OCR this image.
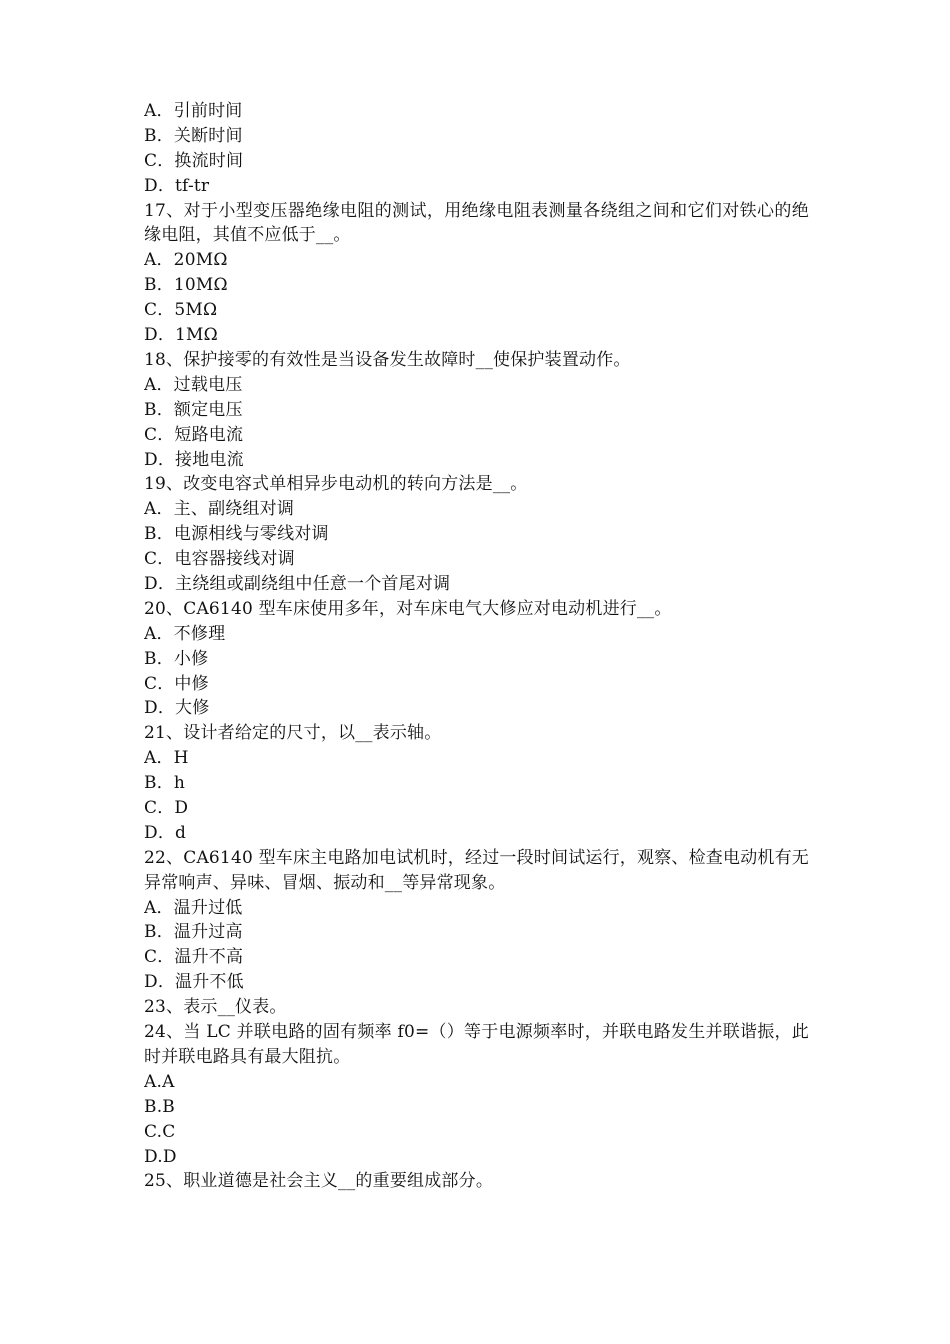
A．引前时间
B．关断时间
C．换流时间
D．tf-tr
17、对于小型变压器绝缘电阻的测试，用绝缘电阻表测量各绕组之间和它们对铁心的绝缘电阻，其值不应低于__。
A．20MΩ
B．10MΩ
C．5MΩ
D．1MΩ
18、保护接零的有效性是当设备发生故障时__使保护装置动作。
A．过载电压
B．额定电压
C．短路电流
D．接地电流
19、改变电容式单相异步电动机的转向方法是__。
A．主、副绕组对调
B．电源相线与零线对调
C．电容器接线对调
D．主绕组或副绕组中任意一个首尾对调
20、CA6140 型车床使用多年，对车床电气大修应对电动机进行__。
A．不修理
B．小修
C．中修
D．大修
21、设计者给定的尺寸，以__表示轴。
A．H
B．h
C．D
D．d
22、CA6140 型车床主电路加电试机时，经过一段时间试运行，观察、检查电动机有无异常响声、异味、冒烟、振动和__等异常现象。
A．温升过低
B．温升过高
C．温升不高
D．温升不低
23、表示__仪表。
24、当 LC 并联电路的固有频率 f0=（）等于电源频率时，并联电路发生并联谐振，此时并联电路具有最大阻抗。
A.A
B.B
C.C
D.D
25、职业道德是社会主义__的重要组成部分。
